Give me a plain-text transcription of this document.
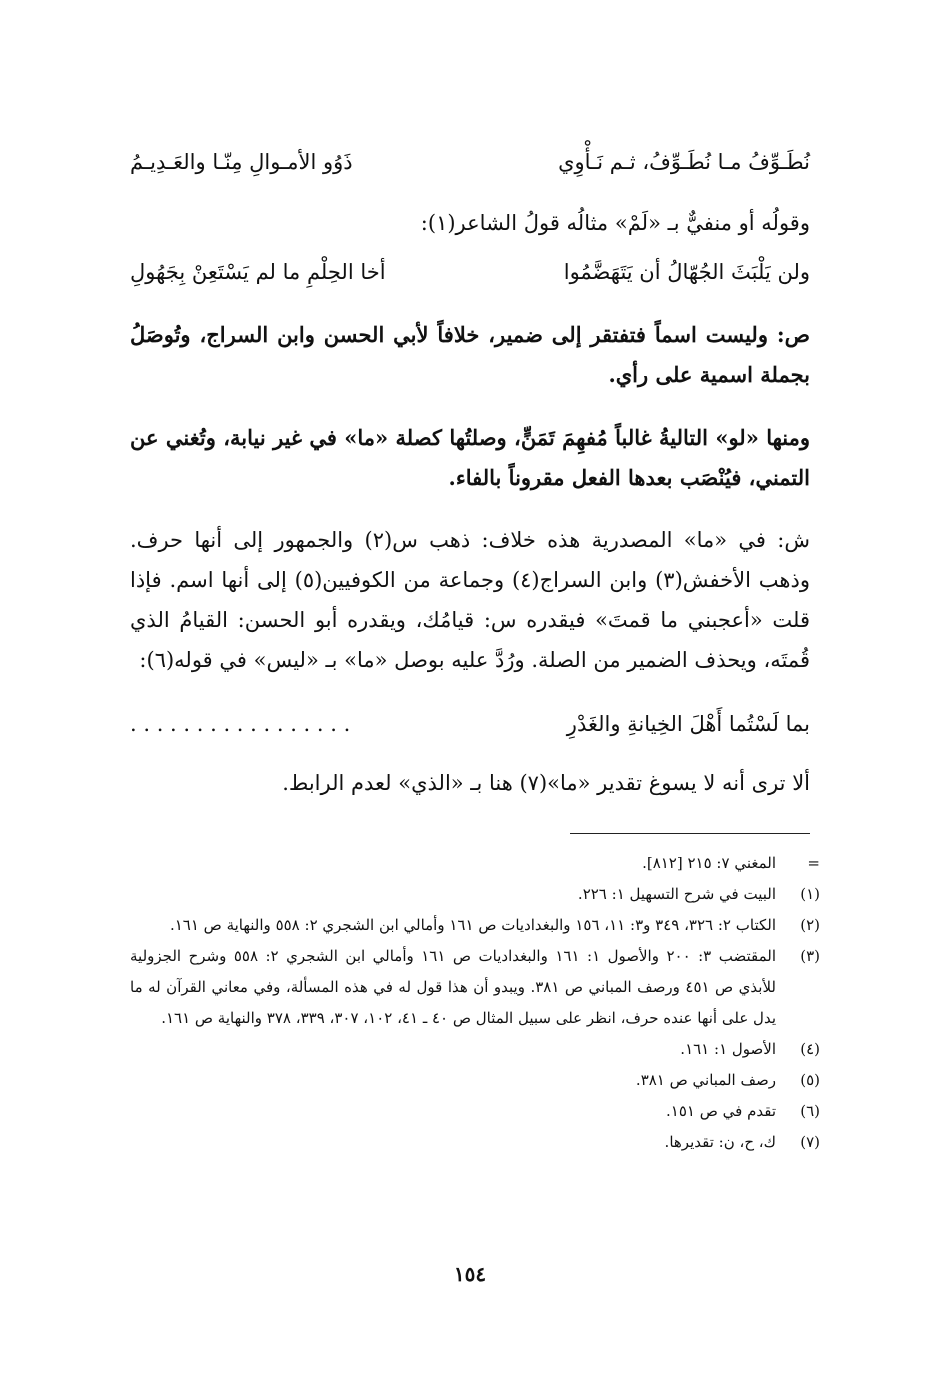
نُطَـوِّفُ مـا نُطَـوِّفُ، ثـم نَـأْوِي
ذَوُو الأمـوالِ مِنّـا والعَـدِيـمُ
وقولُه أو منفيٌّ بـ «لَمْ» مثالُه قولُ الشاعر(١):
ولن يَلْبَثَ الجُهّالُ أن يَتَهَضَّمُوا
أخا الحِلْمِ ما لم يَسْتَعِنْ بِجَهُولِ
ص: وليست اسماً فتفتقر إلى ضمير، خلافاً لأبي الحسن وابن السراج، وتُوصَلُ بجملة اسمية على رأي.
ومنها «لو» التاليةُ غالباً مُفهِمَ تَمَنٍّ، وصلتُها كصلة «ما» في غير نيابة، وتُغني عن التمني، فيُنْصَب بعدها الفعل مقروناً بالفاء.
ش: في «ما» المصدرية هذه خلاف: ذهب س(٢) والجمهور إلى أنها حرف. وذهب الأخفش(٣) وابن السراج(٤) وجماعة من الكوفيين(٥) إلى أنها اسم. فإذا قلت «أعجبني ما قمتَ» فيقدره س: قيامُك، ويقدره أبو الحسن: القيامُ الذي قُمتَه، ويحذف الضمير من الصلة. ورُدَّ عليه بوصل «ما» بـ «ليس» في قوله(٦):
. . . . . . . . . . . . . . . . .	بما لَسْتُما أَهْلَ الخِيانةِ والغَدْرِ
ألا ترى أنه لا يسوغ تقدير «ما»(٧) هنا بـ «الذي» لعدم الرابط.
=
المغني ٧: ٢١٥ [٨١٢].
(١)
البيت في شرح التسهيل ١: ٢٢٦.
(٢)
الكتاب ٢: ٣٢٦، ٣٤٩ و٣: ١١، ١٥٦ والبغداديات ص ١٦١ وأمالي ابن الشجري ٢: ٥٥٨ والنهاية ص ١٦١.
(٣)
المقتضب ٣: ٢٠٠ والأصول ١: ١٦١ والبغداديات ص ١٦١ وأمالي ابن الشجري ٢: ٥٥٨ وشرح الجزولية للأبذي ص ٤٥١ ورصف المباني ص ٣٨١. ويبدو أن هذا قول له في هذه المسألة، وفي معاني القرآن له ما يدل على أنها عنده حرف، انظر على سبيل المثال ص ٤٠ ـ ٤١، ١٠٢، ٣٠٧، ٣٣٩، ٣٧٨ والنهاية ص ١٦١.
(٤)
الأصول ١: ١٦١.
(٥)
رصف المباني ص ٣٨١.
(٦)
تقدم في ص ١٥١.
(٧)
ك، ح، ن: تقديرها.
١٥٤
